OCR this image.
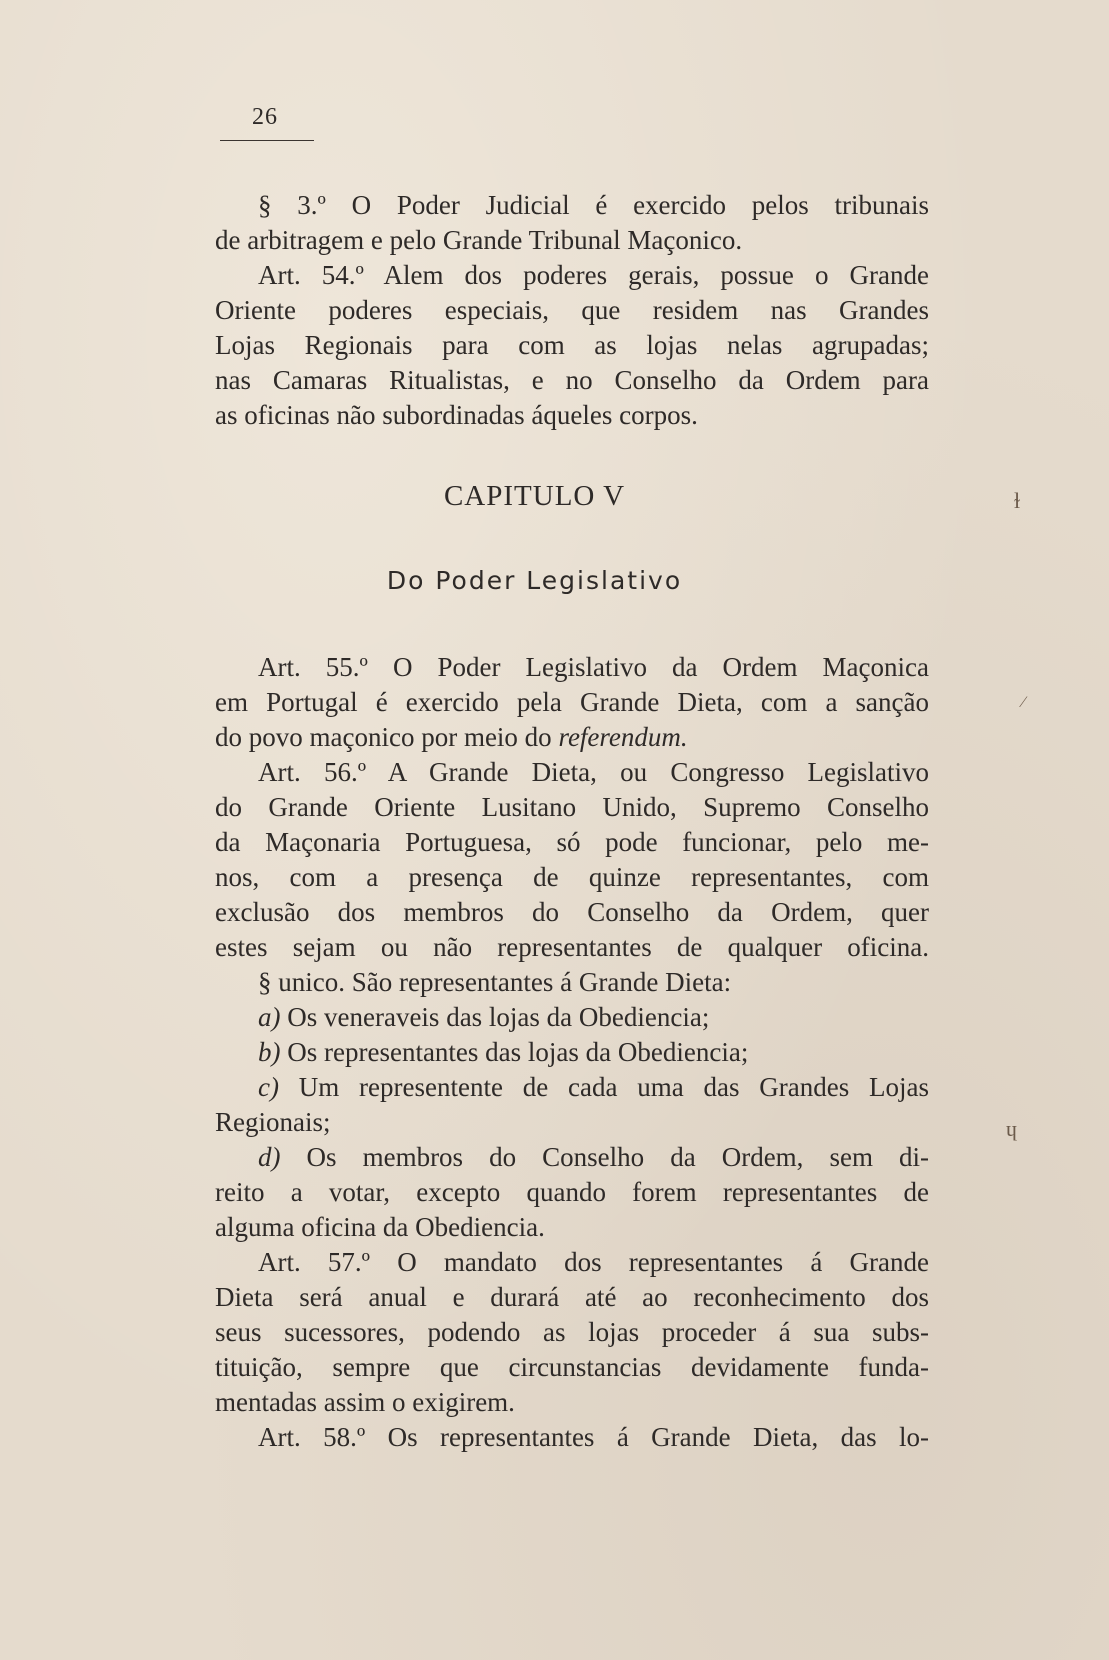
26
§ 3.º O Poder Judicial é exercido pelos tribunais
de arbitragem e pelo Grande Tribunal Maçonico.
Art. 54.º Alem dos poderes gerais, possue o Grande
Oriente poderes especiais, que residem nas Grandes
Lojas Regionais para com as lojas nelas agrupadas;
nas Camaras Ritualistas, e no Conselho da Ordem para
as oficinas não subordinadas áqueles corpos.
CAPITULO V
Do Poder Legislativo
Art. 55.º O Poder Legislativo da Ordem Maçonica
em Portugal é exercido pela Grande Dieta, com a sanção
do povo maçonico por meio do referendum.
Art. 56.º A Grande Dieta, ou Congresso Legislativo
do Grande Oriente Lusitano Unido, Supremo Conselho
da Maçonaria Portuguesa, só pode funcionar, pelo me-
nos, com a presença de quinze representantes, com
exclusão dos membros do Conselho da Ordem, quer
estes sejam ou não representantes de qualquer oficina.
§ unico. São representantes á Grande Dieta:
a) Os veneraveis das lojas da Obediencia;
b) Os representantes das lojas da Obediencia;
c) Um representente de cada uma das Grandes Lojas
Regionais;
d) Os membros do Conselho da Ordem, sem di-
reito a votar, excepto quando forem representantes de
alguma oficina da Obediencia.
Art. 57.º O mandato dos representantes á Grande
Dieta será anual e durará até ao reconhecimento dos
seus sucessores, podendo as lojas proceder á sua subs-
tituição, sempre que circunstancias devidamente funda-
mentadas assim o exigirem.
Art. 58.º Os representantes á Grande Dieta, das lo-
ɫ
⁄
ɥ
